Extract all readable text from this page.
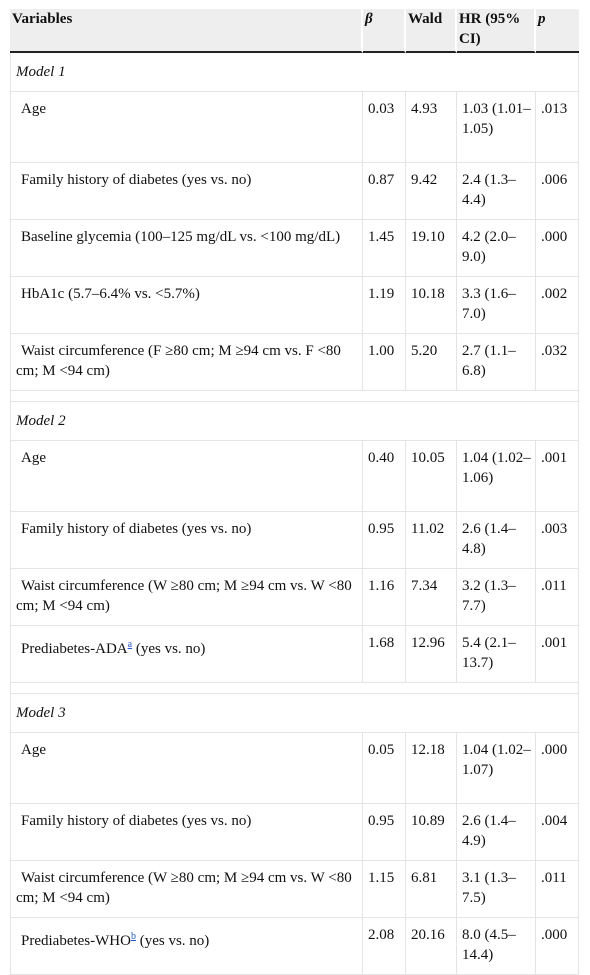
Variables	β	Wald	HR (95% CI)	p
Model 1				
Age	0.03	4.93	1.03 (1.01–1.05)	.013
Family history of diabetes (yes vs. no)	0.87	9.42	2.4 (1.3–4.4)	.006
Baseline glycemia (100–125 mg/dL vs. <100 mg/dL)	1.45	19.10	4.2 (2.0–9.0)	.000
HbA1c (5.7–6.4% vs. <5.7%)	1.19	10.18	3.3 (1.6–7.0)	.002
Waist circumference (F ≥80 cm; M ≥94 cm vs. F <80 cm; M <94 cm)	1.00	5.20	2.7 (1.1–6.8)	.032

Model 2				
Age	0.40	10.05	1.04 (1.02–1.06)	.001
Family history of diabetes (yes vs. no)	0.95	11.02	2.6 (1.4–4.8)	.003
Waist circumference (W ≥80 cm; M ≥94 cm vs. W <80 cm; M <94 cm)	1.16	7.34	3.2 (1.3–7.7)	.011
Prediabetes-ADA$^a$ (yes vs. no)	1.68	12.96	5.4 (2.1–13.7)	.001

Model 3				
Age	0.05	12.18	1.04 (1.02–1.07)	.000
Family history of diabetes (yes vs. no)	0.95	10.89	2.6 (1.4–4.9)	.004
Waist circumference (W ≥80 cm; M ≥94 cm vs. W <80 cm; M <94 cm)	1.15	6.81	3.1 (1.3–7.5)	.011
Prediabetes-WHO$^b$ (yes vs. no)	2.08	20.16	8.0 (4.5–14.4)	.000
